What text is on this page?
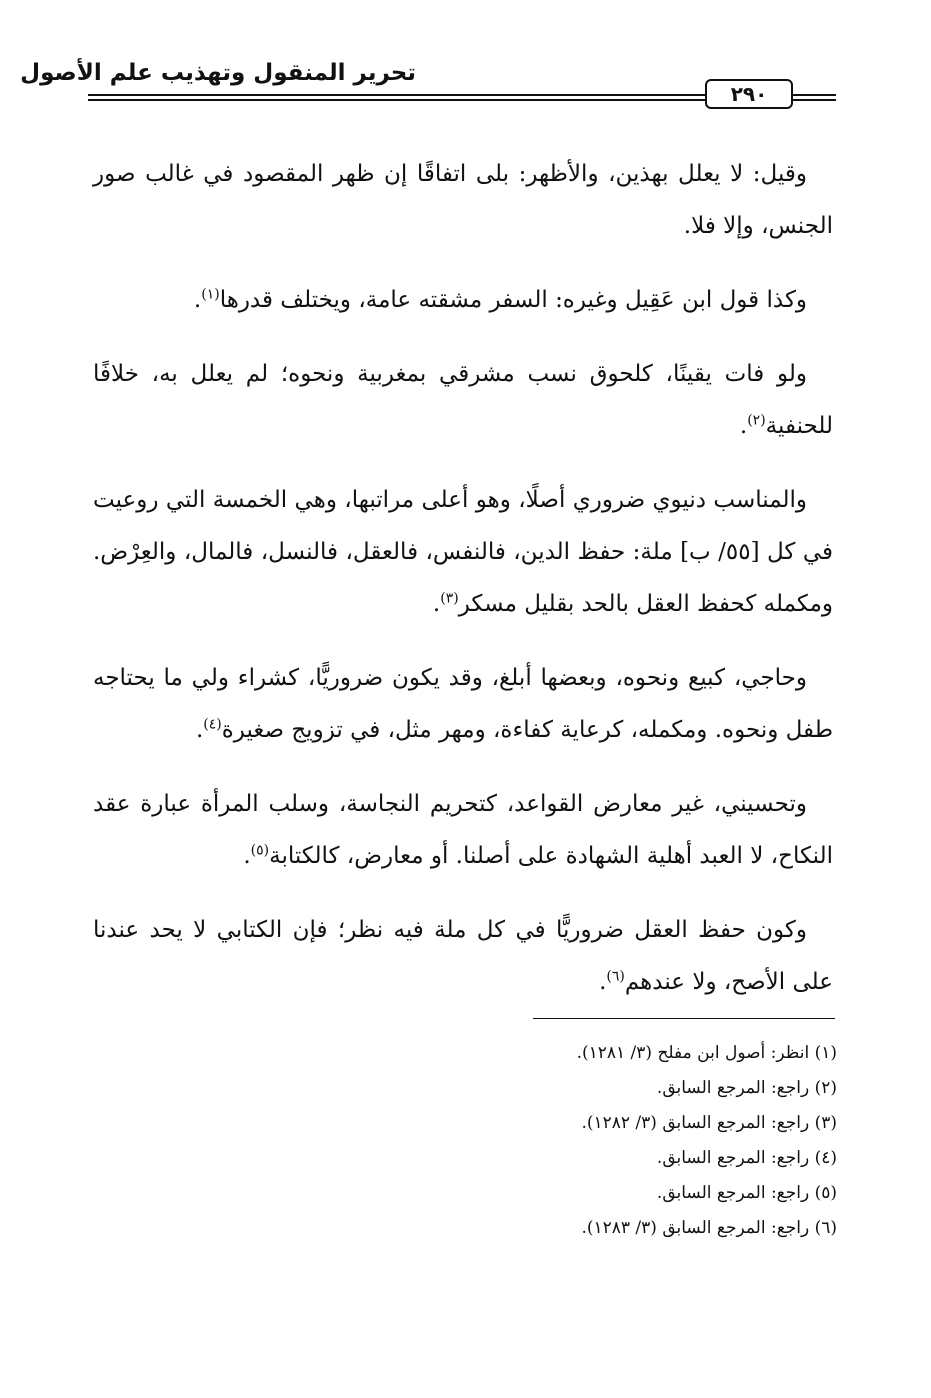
٢٩٠
تحرير المنقول وتهذيب علم الأصول

وقيل: لا يعلل بهذين، والأظهر: بلى اتفاقًا إن ظهر المقصود في غالب صور الجنس، وإلا فلا.

وكذا قول ابن عَقِيل وغيره: السفر مشقته عامة، ويختلف قدرها$^{(١)}$.

ولو فات يقينًا، كلحوق نسب مشرقي بمغربية ونحوه؛ لم يعلل به، خلافًا للحنفية$^{(٢)}$.

والمناسب دنيوي ضروري أصلًا، وهو أعلى مراتبها، وهي الخمسة التي روعيت في كل [٥٥/ ب] ملة: حفظ الدين، فالنفس، فالعقل، فالنسل، فالمال، والعِرْض. ومكمله كحفظ العقل بالحد بقليل مسكر$^{(٣)}$.

وحاجي، كبيع ونحوه، وبعضها أبلغ، وقد يكون ضروريًّا، كشراء ولي ما يحتاجه طفل ونحوه. ومكمله، كرعاية كفاءة، ومهر مثل، في تزويج صغيرة$^{(٤)}$.

وتحسيني، غير معارض القواعد، كتحريم النجاسة، وسلب المرأة عبارة عقد النكاح، لا العبد أهلية الشهادة على أصلنا. أو معارض، كالكتابة$^{(٥)}$.

وكون حفظ العقل ضروريًّا في كل ملة فيه نظر؛ فإن الكتابي لا يحد عندنا على الأصح، ولا عندهم$^{(٦)}$.

(١) انظر: أصول ابن مفلح (٣/ ١٢٨١).

(٢) راجع: المرجع السابق.

(٣) راجع: المرجع السابق (٣/ ١٢٨٢).

(٤) راجع: المرجع السابق.

(٥) راجع: المرجع السابق.

(٦) راجع: المرجع السابق (٣/ ١٢٨٣).
